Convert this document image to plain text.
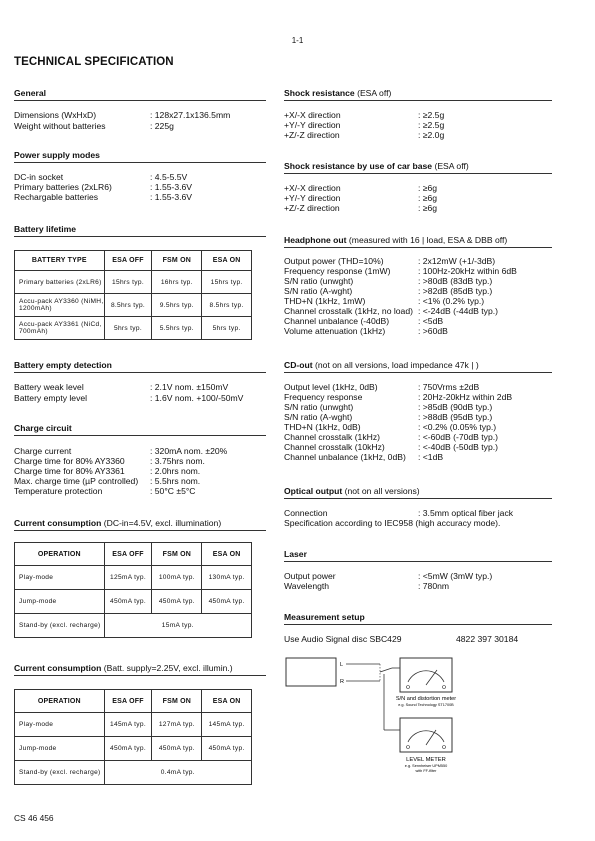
1-1
TECHNICAL SPECIFICATION
General
Dimensions (WxHxD)	: 128x27.1x136.5mm
Weight without batteries	: 225g
Power supply modes
DC-in socket	: 4.5-5.5V
Primary batteries (2xLR6)	: 1.55-3.6V
Rechargable batteries	: 1.55-3.6V
Battery lifetime
BATTERY TYPE	ESA OFF	FSM ON	ESA ON
Primary batteries (2xLR6)	15hrs typ.	16hrs typ.	15hrs typ.
Accu-pack AY3360 (NiMH, 1200mAh)	8.5hrs typ.	9.5hrs typ.	8.5hrs typ.
Accu-pack AY3361 (NiCd, 700mAh)	5hrs typ.	5.5hrs typ.	5hrs typ.
Battery empty detection
Battery weak level	: 2.1V nom. ±150mV
Battery empty level	: 1.6V nom. +100/-50mV
Charge circuit
Charge current	: 320mA nom. ±20%
Charge time for 80% AY3360	: 3.75hrs nom.
Charge time for 80% AY3361	: 2.0hrs nom.
Max. charge time (µP controlled) : 5.5hrs nom.
Temperature protection	: 50°C ±5°C
Current consumption (DC-in=4.5V, excl. illumination)
OPERATION	ESA OFF	FSM ON	ESA ON
Play-mode	125mA typ.	100mA typ.	130mA typ.
Jump-mode	450mA typ.	450mA typ.	450mA typ.
Stand-by (excl. recharge)	15mA typ.		
Current consumption (Batt. supply=2.25V, excl. illumin.)
OPERATION	ESA OFF	FSM ON	ESA ON
Play-mode	145mA typ.	127mA typ.	145mA typ.
Jump-mode	450mA typ.	450mA typ.	450mA typ.
Stand-by (excl. recharge)	0.4mA typ.		
Shock resistance (ESA off)
+X/-X direction	: ≥2.5g
+Y/-Y direction	: ≥2.5g
+Z/-Z direction	: ≥2.0g
Shock resistance by use of car base (ESA off)
+X/-X direction	: ≥6g
+Y/-Y direction	: ≥6g
+Z/-Z direction	: ≥6g
Headphone out (measured with 16 | load, ESA & DBB off)
Output power (THD=10%)	: 2x12mW (+1/-3dB)
Frequency response (1mW)	: 100Hz-20kHz within 6dB
S/N ratio (unwght)	: >80dB (83dB typ.)
S/N ratio (A-wght)	: >82dB (85dB typ.)
THD+N (1kHz, 1mW)	: <1% (0.2% typ.)
Channel crosstalk (1kHz, no load) : <-24dB (-44dB typ.)
Channel unbalance (-40dB)	: <5dB
Volume attenuation (1kHz)	: >60dB
CD-out (not on all versions, load impedance 47k | )
Output level (1kHz, 0dB)	: 750Vrms ±2dB
Frequency response	: 20Hz-20kHz within 2dB
S/N ratio (unwght)	: >85dB (90dB typ.)
S/N ratio (A-wght)	: >88dB (95dB typ.)
THD+N (1kHz, 0dB)	: <0.2% (0.05% typ.)
Channel crosstalk (1kHz)	: <-60dB (-70dB typ.)
Channel crosstalk (10kHz)	: <-40dB (-50dB typ.)
Channel unbalance (1kHz, 0dB) : <1dB
Optical output (not on all versions)
Connection	: 3.5mm optical fiber jack
Specification according to IEC958 (high accuracy mode).
Laser
Output power	: <5mW (3mW typ.)
Wavelength	: 780nm
Measurement setup
Use Audio Signal disc SBC429	4822 397 30184
L
R
S/N and distortion meter
e.g. Sound Technology ST1700B
LEVEL METER
e.g. Sennheiser UPM550
with FF-filter
CS 46 456
